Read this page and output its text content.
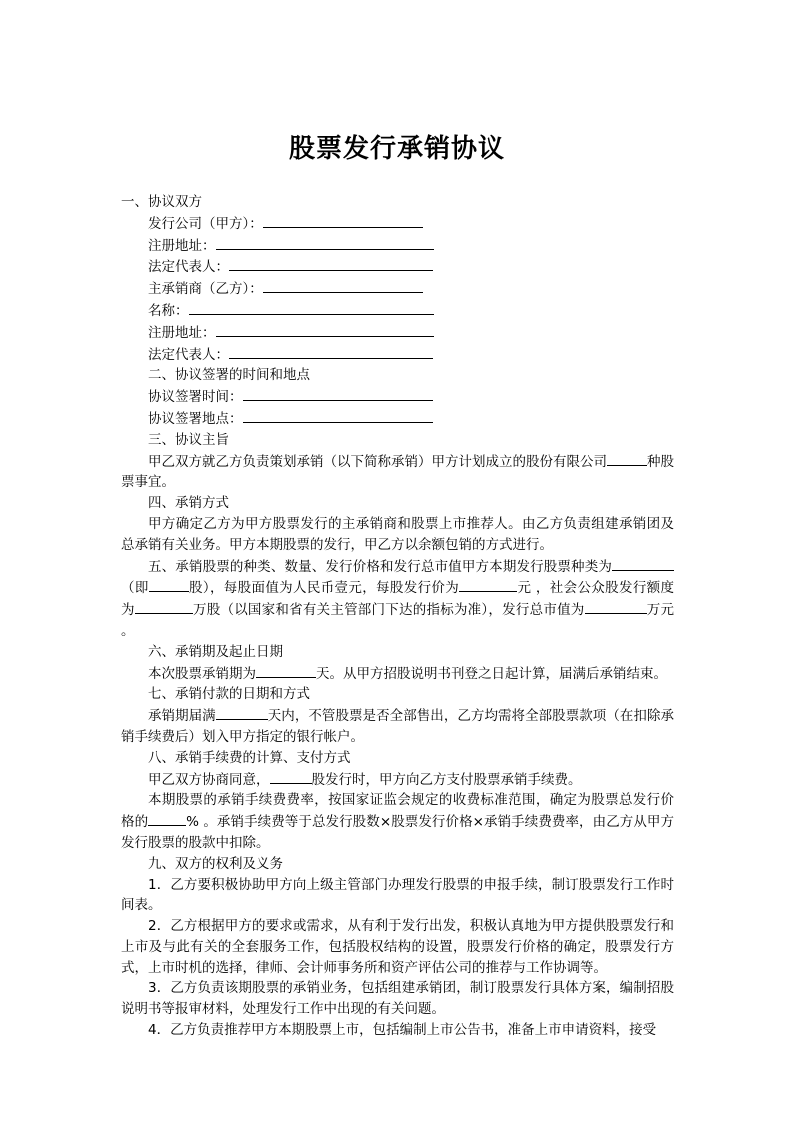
股票发行承销协议
一、协议双方
发行公司（甲方）：
注册地址：
法定代表人：
主承销商（乙方）：
名称：
注册地址：
法定代表人：
二、协议签署的时间和地点
协议签署时间：
协议签署地点：
三、协议主旨
甲乙双方就乙方负责策划承销（以下简称承销）甲方计划成立的股份有限公司	种股票事宜。
四、承销方式
甲方确定乙方为甲方股票发行的主承销商和股票上市推荐人。由乙方负责组建承销团及总承销有关业务。甲方本期股票的发行，甲乙方以余额包销的方式进行。
五、承销股票的种类、数量、发行价格和发行总市值甲方本期发行股票种类为（即	股），每股面值为人民币壹元，每股发行价为	元 ，社会公众股发行额度为	万股（以国家和省有关主管部门下达的指标为准），发行总市值为	万元 。
六、承销期及起止日期
本次股票承销期为	天。从甲方招股说明书刊登之日起计算，届满后承销结束。
七、承销付款的日期和方式
承销期届满	天内，不管股票是否全部售出，乙方均需将全部股票款项（在扣除承销手续费后）划入甲方指定的银行帐户。
八、承销手续费的计算、支付方式
甲乙双方协商同意，	股发行时，甲方向乙方支付股票承销手续费。
本期股票的承销手续费费率，按国家证监会规定的收费标准范围，确定为股票总发行价格的	% 。承销手续费等于总发行股数×股票发行价格×承销手续费费率，由乙方从甲方发行股票的股款中扣除。
九、双方的权利及义务
1．乙方要积极协助甲方向上级主管部门办理发行股票的申报手续，制订股票发行工作时间表。
2．乙方根据甲方的要求或需求，从有利于发行出发，积极认真地为甲方提供股票发行和上市及与此有关的全套服务工作，包括股权结构的设置，股票发行价格的确定，股票发行方式，上市时机的选择，律师、会计师事务所和资产评估公司的推荐与工作协调等。
3．乙方负责该期股票的承销业务，包括组建承销团，制订股票发行具体方案，编制招股说明书等报审材料，处理发行工作中出现的有关问题。
4．乙方负责推荐甲方本期股票上市，包括编制上市公告书，准备上市申请资料，接受
